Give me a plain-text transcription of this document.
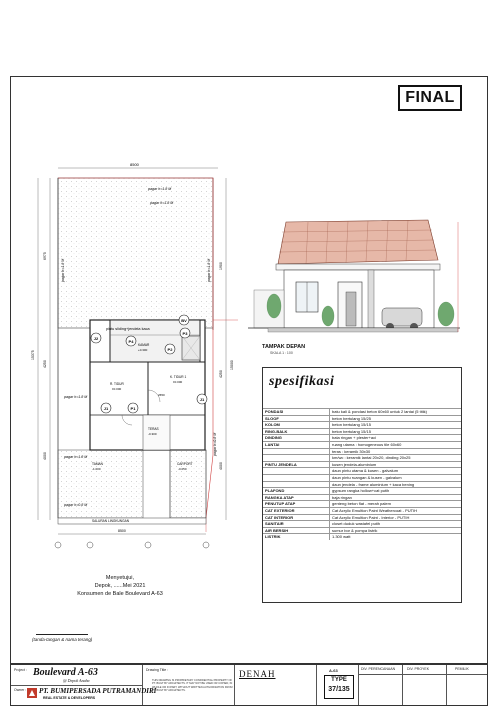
FINAL
8500
15375
6975
4250
4000
15000
1900
4250
4000
8500
2650
pagar h=1.8 M
pagar h=1.8 M	pagar h=1.8 M
pagar h=1.8 M
pagar h=1.8 M
pagar h=1.8 M
pagar h=0.8 M
pagar h=0.8 M
pintu sliding+jendela kaca
KAMAR
+0.300
R. TIDUR
±0.000
K. TIDUR 1
±0.000
TERAS
-0.300
TAMAN
-1.000
CARPORT
-0.050
SALURAN LINGKUNGAN
J2
P4
BV
P3
P2
J1	P1
J1
TAMPAK DEPAN
SKALA 1 : 100
spesifikasi
PONDASI	batu kali & pondasi beton 60x60 untuk 2 lantai (5 titik)
SLOOF	beton bertulang 15/25
KOLOM	beton bertulang 15/15
RING-BALK	beton bertulang 15/15
DINDING	bata ringan + plester+aci
LANTAI	ruang utama : homogeneous tile 60x60
teras : keramik 30x30
km/wc : keramik lantai 20x20, dinding 20x25
PINTU JENDELA	kusen jendela-aluminium
daun pintu utama & kusen - galvalum
daun pintu ruangan & kusen - galvalum
daun jendela - frame aluminium + kaca bening
PLAFOND	gypsum rangka hollow+cat putih
RANGKA ATAP	baja ringan
PENUTUP ATAP	genteng beton flat - merah palem
CAT EXTERIOR	Cat Acrylic Emultion Paint Weathercoat - PUTIH
CAT INTERIOR	Cat Acrylic Emultion Paint - Interior - PUTIH
SANITAIR	closet duduk wastafel putih
AIR BERSIH	sumur bor & pompa listrik
LISTRIK	1.300 watt
Menyetujui,
Depok, ......Mei 2021
Konsumen de Bale Boulevard A-63
(tanda-tangan & nama terang)
Project : Boulevard A-63
@ Depok Anaba
Owner : PT. BUMIPERSADA PUTRAMANDIRI
REAL ESTATE & DEVELOPERS
Drawing Title :
THIS DRAWING IS PROPRIETARY CONFIDENTIAL PROPERTY OF PT. BUILT BY ARCHITECTS. IT MAY NOT BE USED OR COPIED, IN WHOLE OR IN PART, WITHOUT WRITTEN AUTHORIZATION FROM PT. BUILT BY ARCHITECTS.
DENAH	A-63
TYPE
37/135
DIV. PERENCANAAN	DIV. PROYEK	PEMILIK
